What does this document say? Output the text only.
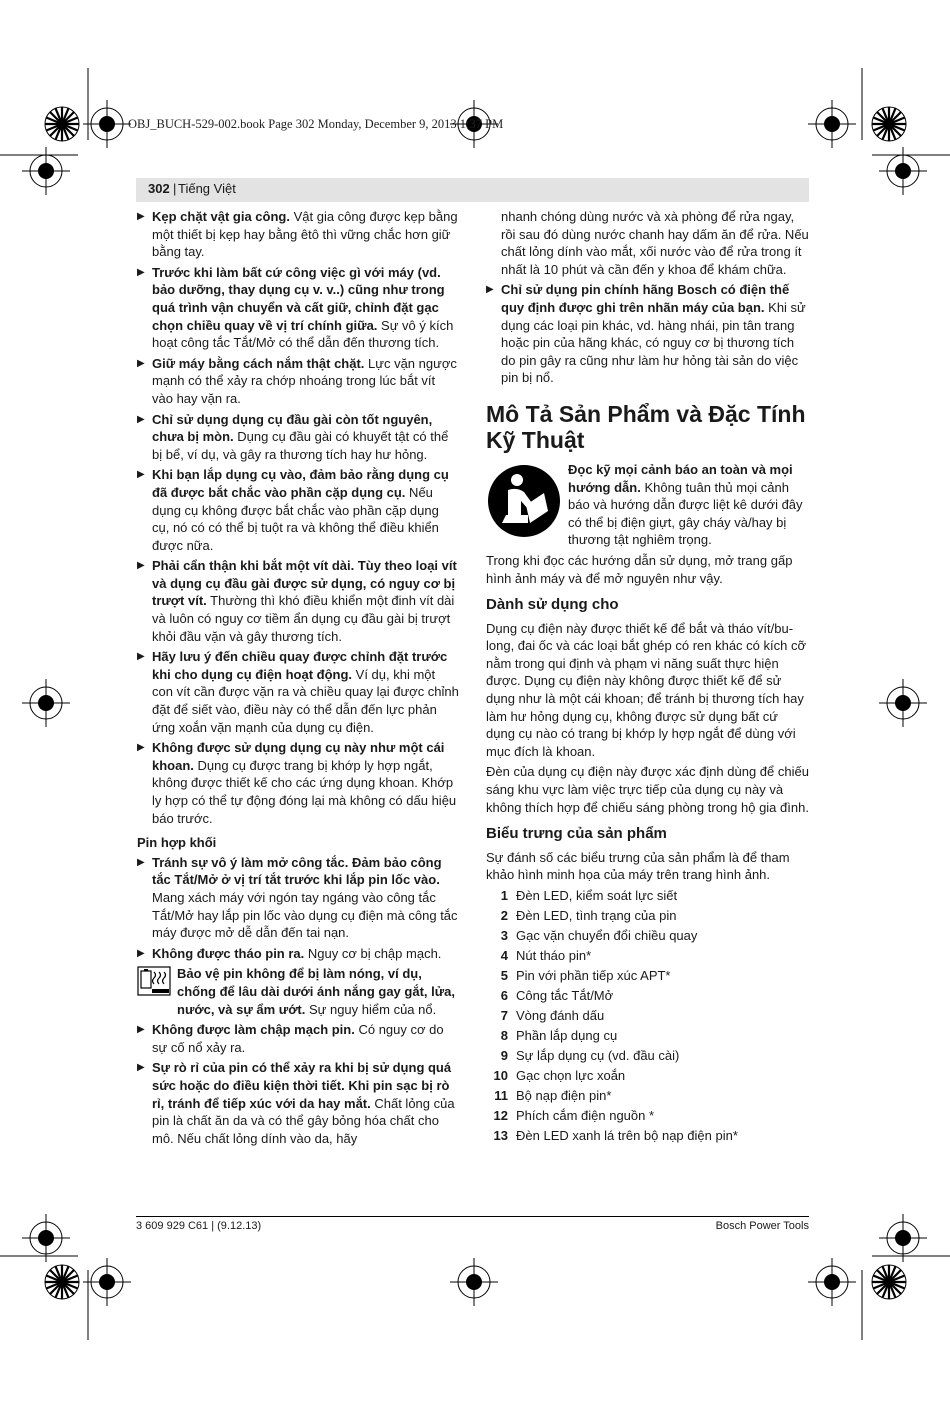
OBJ_BUCH-529-002.book Page 302 Monday, December 9, 2013 1:37 PM
302 | Tiếng Việt
▶ Kẹp chặt vật gia công. Vật gia công được kẹp bằng một thiết bị kẹp hay bằng êtô thì vững chắc hơn giữ bằng tay.
▶ Trước khi làm bất cứ công việc gì với máy (vd. bảo dưỡng, thay dụng cụ v. v..) cũng như trong quá trình vận chuyển và cất giữ, chỉnh đặt gạc chọn chiều quay về vị trí chính giữa. Sự vô ý kích hoạt công tắc Tắt/Mở có thể dẫn đến thương tích.
▶ Giữ máy bằng cách nắm thật chặt. Lực vặn ngược mạnh có thể xảy ra chớp nhoáng trong lúc bắt vít vào hay vặn ra.
▶ Chỉ sử dụng dụng cụ đầu gài còn tốt nguyên, chưa bị mòn. Dụng cụ đầu gài có khuyết tật có thể bị bể, ví dụ, và gây ra thương tích hay hư hỏng.
▶ Khi bạn lắp dụng cụ vào, đảm bảo rằng dụng cụ đã được bắt chắc vào phần cặp dụng cụ. Nếu dụng cụ không được bắt chắc vào phần cặp dụng cụ, nó có có thể bị tuột ra và không thể điều khiển được nữa.
▶ Phải cẩn thận khi bắt một vít dài. Tùy theo loại vít và dụng cụ đầu gài được sử dụng, có nguy cơ bị trượt vít. Thường thì khó điều khiển một đinh vít dài và luôn có nguy cơ tiềm ẩn dụng cụ đầu gài bị trượt khỏi đầu vặn và gây thương tích.
▶ Hãy lưu ý đến chiều quay được chỉnh đặt trước khi cho dụng cụ điện hoạt động. Ví dụ, khi một con vít cần được vặn ra và chiều quay lại được chỉnh đặt để siết vào, điều này có thể dẫn đến lực phản ứng xoắn vặn mạnh của dụng cụ điện.
▶ Không được sử dụng dụng cụ này như một cái khoan. Dụng cụ được trang bị khớp ly hợp ngắt, không được thiết kế cho các ứng dụng khoan. Khớp ly hợp có thể tự động đóng lại mà không có dấu hiệu báo trước.
Pin hợp khối
▶ Tránh sự vô ý làm mở công tắc. Đảm bảo công tắc Tắt/Mở ở vị trí tắt trước khi lắp pin lốc vào. Mang xách máy với ngón tay ngáng vào công tắc Tắt/Mở hay lắp pin lốc vào dụng cụ điện mà công tắc máy được mở dễ dẫn đến tai nạn.
▶ Không được tháo pin ra. Nguy cơ bị chập mạch.
Bảo vệ pin không để bị làm nóng, ví dụ, chống để lâu dài dưới ánh nắng gay gắt, lửa, nước, và sự ẩm ướt. Sự nguy hiểm của nổ.
▶ Không được làm chập mạch pin. Có nguy cơ do sự cố nổ xảy ra.
▶ Sự rò rỉ của pin có thể xảy ra khi bị sử dụng quá sức hoặc do điều kiện thời tiết. Khi pin sạc bị rò rỉ, tránh để tiếp xúc với da hay mắt. Chất lỏng của pin là chất ăn da và có thể gây bỏng hóa chất cho mô. Nếu chất lỏng dính vào da, hãy
nhanh chóng dùng nước và xà phòng để rửa ngay, rồi sau đó dùng nước chanh hay dấm ăn để rửa. Nếu chất lỏng dính vào mắt, xối nước vào để rửa trong ít nhất là 10 phút và cần đến y khoa để khám chữa.
▶ Chỉ sử dụng pin chính hãng Bosch có điện thế quy định được ghi trên nhãn máy của bạn. Khi sử dụng các loại pin khác, vd. hàng nhái, pin tân trang hoặc pin của hãng khác, có nguy cơ bị thương tích do pin gây ra cũng như làm hư hỏng tài sản do việc pin bị nổ.
Mô Tả Sản Phẩm và Đặc Tính Kỹ Thuật
Đọc kỹ mọi cảnh báo an toàn và mọi hướng dẫn. Không tuân thủ mọi cảnh báo và hướng dẫn được liệt kê dưới đây có thể bị điện giựt, gây cháy và/hay bị thương tật nghiêm trọng.

Trong khi đọc các hướng dẫn sử dụng, mở trang gấp hình ảnh máy và để mở nguyên như vậy.

Dành sử dụng cho

Dụng cụ điện này được thiết kế để bắt và tháo vít/bu-long, đai ốc và các loại bắt ghép có ren khác có kích cỡ nằm trong qui định và phạm vi năng suất thực hiện được. Dụng cụ điện này không được thiết kế để sử dụng như là một cái khoan; để tránh bị thương tích hay làm hư hỏng dụng cụ, không được sử dụng bất cứ dụng cụ nào có trang bị khớp ly hợp ngắt để dùng với mục đích là khoan.

Đèn của dụng cụ điện này được xác định dùng để chiếu sáng khu vực làm việc trực tiếp của dụng cụ này và không thích hợp để chiếu sáng phòng trong hộ gia đình.

Biểu trưng của sản phẩm

Sự đánh số các biểu trưng của sản phẩm là để tham khảo hình minh họa của máy trên trang hình ảnh.

1 Đèn LED, kiểm soát lực siết
2 Đèn LED, tình trạng của pin
3 Gạc vặn chuyển đổi chiều quay
4 Nút tháo pin*
5 Pin với phần tiếp xúc APT*
6 Công tắc Tắt/Mở
7 Vòng đánh dấu
8 Phần lắp dụng cụ
9 Sự lắp dụng cụ (vd. đầu cài)
10 Gạc chọn lực xoắn
11 Bộ nạp điện pin*
12 Phích cắm điện nguồn *
13 Đèn LED xanh lá trên bộ nạp điện pin*
3 609 929 C61 | (9.12.13)	Bosch Power Tools
